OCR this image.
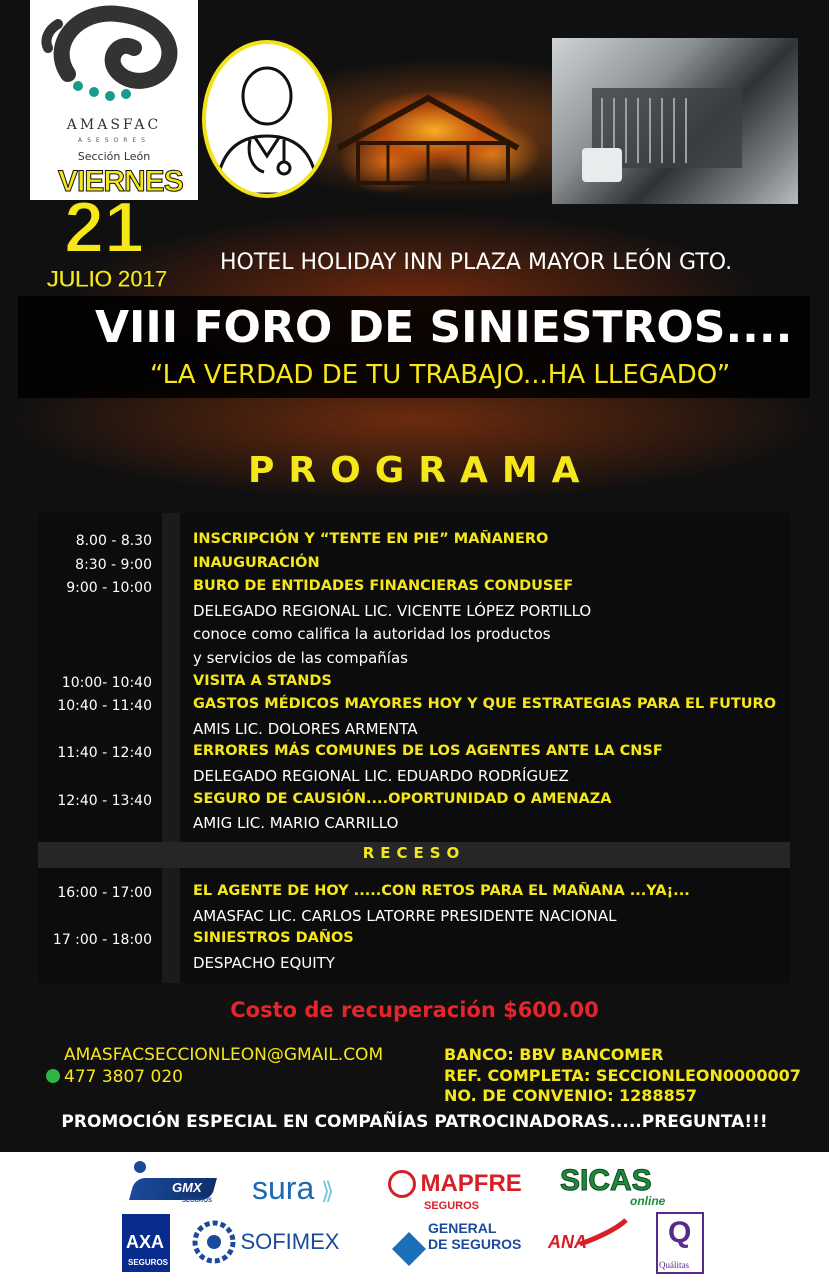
AMASFAC
ASESORES
Sección León
VIERNES
21
JULIO 2017
HOTEL HOLIDAY INN PLAZA MAYOR LEÓN GTO.
VIII FORO DE SINIESTROS....
“LA VERDAD DE TU TRABAJO...HA LLEGADO”
PROGRAMA
RECESO
8.00 - 8.30	INSCRIPCIÓN Y “TENTE EN PIE” MAÑANERO
8:30 - 9:00	INAUGURACIÓN
9:00 - 10:00	BURO DE ENTIDADES FINANCIERAS CONDUSEF
DELEGADO REGIONAL LIC. VICENTE LÓPEZ PORTILLO
conoce como califica la autoridad los productos
y servicios de las compañías
10:00- 10:40	VISITA A STANDS
10:40 - 11:40	GASTOS MÉDICOS MAYORES HOY Y QUE ESTRATEGIAS PARA EL FUTURO
AMIS LIC. DOLORES ARMENTA
11:40 - 12:40	ERRORES MÁS COMUNES DE LOS AGENTES ANTE LA CNSF
DELEGADO REGIONAL LIC. EDUARDO RODRÍGUEZ
12:40 - 13:40	SEGURO DE CAUSIÓN....OPORTUNIDAD O AMENAZA
AMIG LIC. MARIO CARRILLO
16:00 - 17:00	EL AGENTE DE HOY .....CON RETOS PARA EL MAÑANA ...YA¡...
AMASFAC LIC. CARLOS LATORRE PRESIDENTE NACIONAL
17 :00 - 18:00	SINIESTROS DAÑOS
DESPACHO EQUITY
Costo de recuperación $600.00
AMASFACSECCIONLEON@GMAIL.COM
477 3807 020
BANCO: BBV BANCOMER
REF. COMPLETA: SECCIONLEON0000007
NO. DE CONVENIO: 1288857
PROMOCIÓN ESPECIAL EN COMPAÑÍAS PATROCINADORAS.....PREGUNTA!!!
GMX
SEGUROS sura ⟫	MAPFRE
SEGUROS
SICAS
online
AXA
SEGUROS
SOFIMEX
GENERAL
DE SEGUROS ANA	Q
Quálitas
